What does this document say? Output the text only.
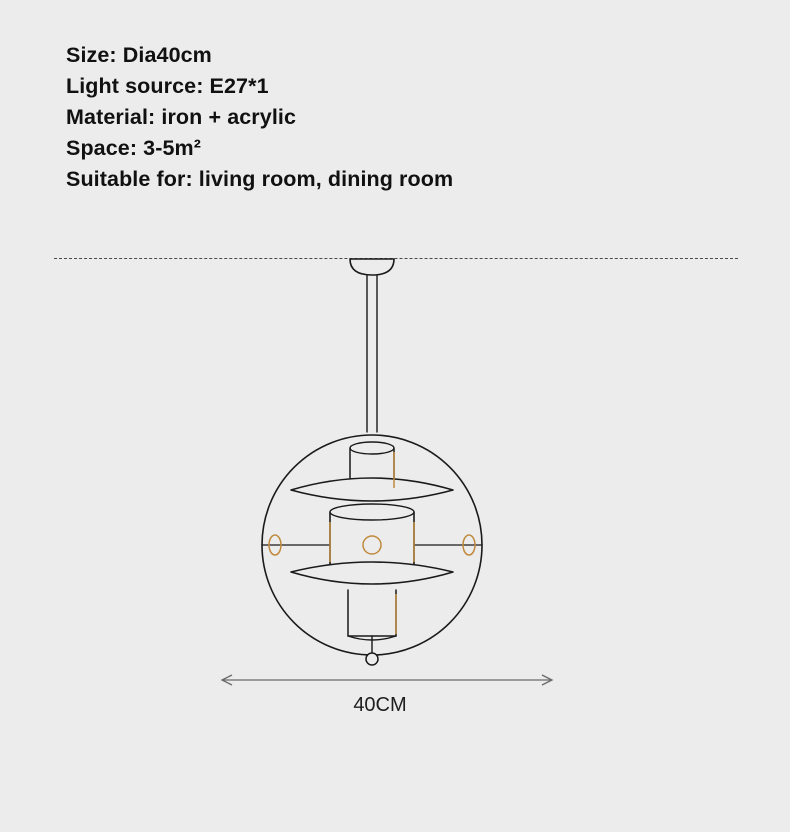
Size: Dia40cm
Light source: E27*1
Material: iron + acrylic
Space: 3-5m²
Suitable for: living room, dining room
40CM
